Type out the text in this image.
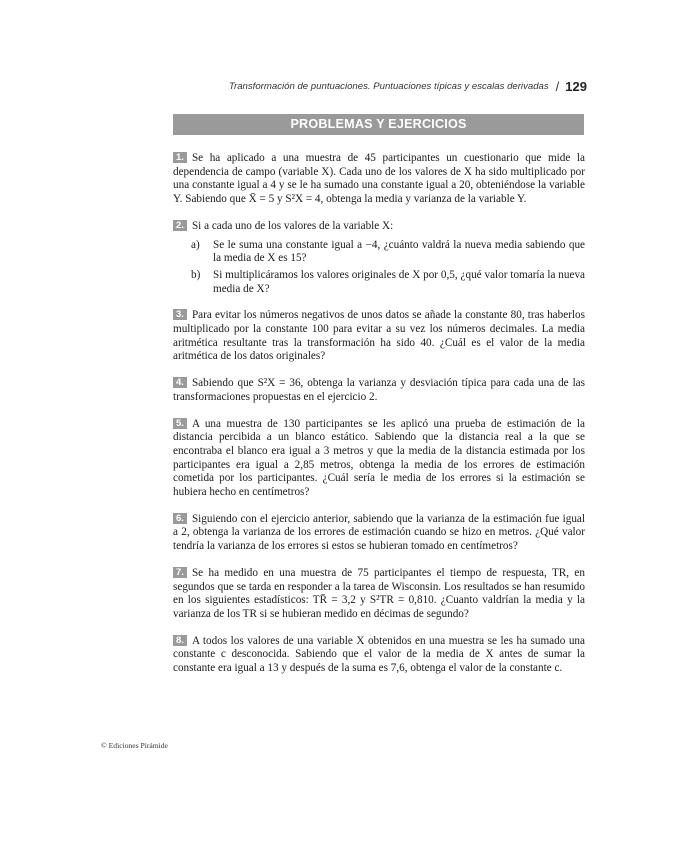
Transformación de puntuaciones. Puntuaciones típicas y escalas derivadas / 129
PROBLEMAS Y EJERCICIOS
1. Se ha aplicado a una muestra de 45 participantes un cuestionario que mide la dependencia de campo (variable X). Cada uno de los valores de X ha sido multiplicado por una constante igual a 4 y se le ha sumado una constante igual a 20, obteniéndose la variable Y. Sabiendo que X̄ = 5 y S²X = 4, obtenga la media y varianza de la variable Y.
2. Si a cada uno de los valores de la variable X:
a) Se le suma una constante igual a −4, ¿cuánto valdrá la nueva media sabiendo que la media de X es 15?
b) Si multiplicáramos los valores originales de X por 0,5, ¿qué valor tomaría la nueva media de X?
3. Para evitar los números negativos de unos datos se añade la constante 80, tras haberlos multiplicado por la constante 100 para evitar a su vez los números decimales. La media aritmética resultante tras la transformación ha sido 40. ¿Cuál es el valor de la media aritmética de los datos originales?
4. Sabiendo que S²X = 36, obtenga la varianza y desviación típica para cada una de las transformaciones propuestas en el ejercicio 2.
5. A una muestra de 130 participantes se les aplicó una prueba de estimación de la distancia percibida a un blanco estático. Sabiendo que la distancia real a la que se encontraba el blanco era igual a 3 metros y que la media de la distancia estimada por los participantes era igual a 2,85 metros, obtenga la media de los errores de estimación cometida por los participantes. ¿Cuál sería le media de los errores si la estimación se hubiera hecho en centímetros?
6. Siguiendo con el ejercicio anterior, sabiendo que la varianza de la estimación fue igual a 2, obtenga la varianza de los errores de estimación cuando se hizo en metros. ¿Qué valor tendría la varianza de los errores si estos se hubieran tomado en centímetros?
7. Se ha medido en una muestra de 75 participantes el tiempo de respuesta, TR, en segundos que se tarda en responder a la tarea de Wisconsin. Los resultados se han resumido en los siguientes estadísticos: TR̄ = 3,2 y S²TR = 0,810. ¿Cuanto valdrían la media y la varianza de los TR si se hubieran medido en décimas de segundo?
8. A todos los valores de una variable X obtenidos en una muestra se les ha sumado una constante c desconocida. Sabiendo que el valor de la media de X antes de sumar la constante era igual a 13 y después de la suma es 7,6, obtenga el valor de la constante c.
© Ediciones Pirámide
